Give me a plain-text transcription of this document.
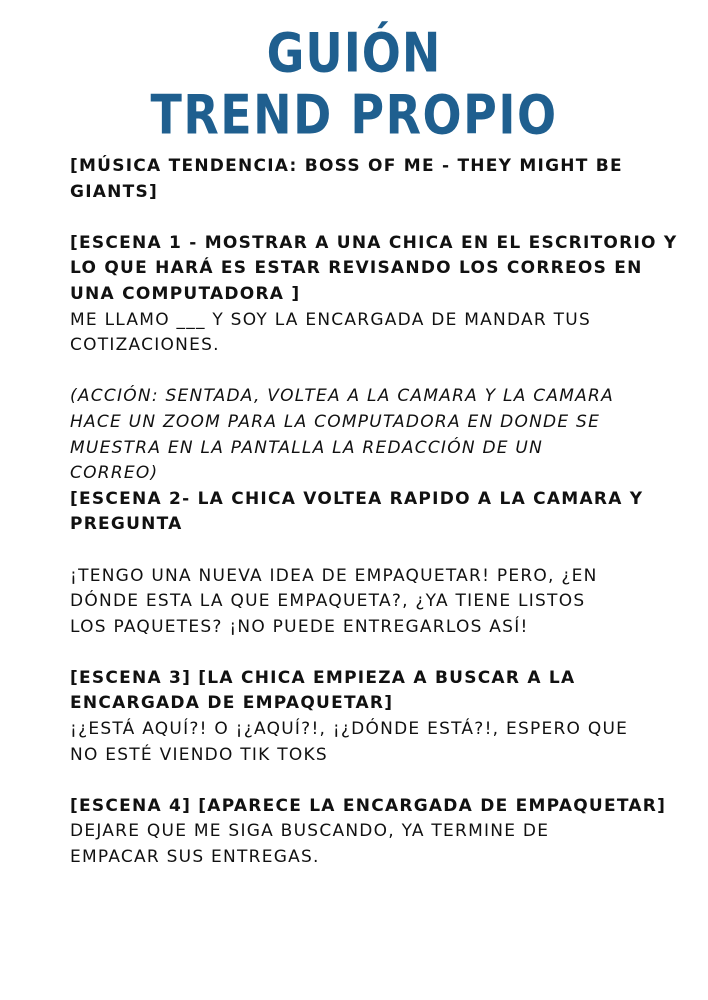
GUIÓN
TREND PROPIO

[MÚSICA TENDENCIA: BOSS OF ME - THEY MIGHT BE

GIANTS]

[ESCENA 1 - MOSTRAR A UNA CHICA EN EL ESCRITORIO Y

LO QUE HARÁ ES ESTAR REVISANDO LOS CORREOS EN

UNA COMPUTADORA ]

ME LLAMO ___ Y SOY LA ENCARGADA DE MANDAR TUS

COTIZACIONES.

(ACCIÓN: SENTADA, VOLTEA A LA CAMARA Y LA CAMARA

HACE UN ZOOM PARA LA COMPUTADORA EN DONDE SE

MUESTRA EN LA PANTALLA LA REDACCIÓN DE UN

CORREO)

[ESCENA 2- LA CHICA VOLTEA RAPIDO A LA CAMARA Y

PREGUNTA

¡TENGO UNA NUEVA IDEA DE EMPAQUETAR! PERO, ¿EN

DÓNDE ESTA LA QUE EMPAQUETA?, ¿YA TIENE LISTOS

LOS PAQUETES? ¡NO PUEDE ENTREGARLOS ASÍ!

[ESCENA 3] [LA CHICA EMPIEZA A BUSCAR A LA

ENCARGADA DE EMPAQUETAR]

¡¿ESTÁ AQUÍ?! O ¡¿AQUÍ?!, ¡¿DÓNDE ESTÁ?!, ESPERO QUE

NO ESTÉ VIENDO TIK TOKS

[ESCENA 4] [APARECE LA ENCARGADA DE EMPAQUETAR]

DEJARE QUE ME SIGA BUSCANDO, YA TERMINE DE

EMPACAR SUS ENTREGAS.
